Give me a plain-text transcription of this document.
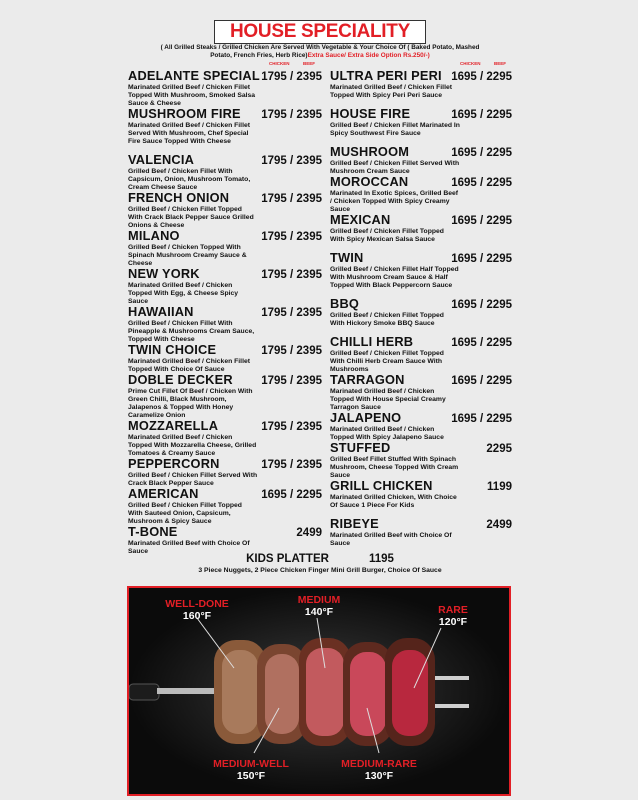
HOUSE SPECIALITY
( All Grilled Steaks / Grilled Chicken Are Served With Vegetable & Your Choice Of ( Baked Potato, Mashed Potato, French Fries, Herb Rice)Extra Sauce/ Extra Side Option Rs.250/-)
CHICKEN	BEEF	CHICKEN	BEEF
ADELANTE SPECIAL 1795 / 2395
Marinated Grilled Beef / Chicken Fillet Topped With Mushroom, Smoked Salsa Sauce & Cheese
MUSHROOM FIRE 1795 / 2395
Marinated Grilled Beef / Chicken Fillet Served With Mushroom, Chef Special Fire Sauce Topped With Cheese
VALENCIA	1795 / 2395
Grilled Beef / Chicken Fillet With Capsicum, Onion, Mushroom Tomato, Cream Cheese Sauce
FRENCH ONION	1795 / 2395
Grilled Beef / Chicken Fillet Topped With Crack Black Pepper Sauce Grilled Onions & Cheese
MILANO	1795 / 2395
Grilled Beef / Chicken Topped With Spinach Mushroom Creamy Sauce & Cheese
NEW YORK	1795 / 2395
Marinated Grilled Beef / Chicken Topped With Egg, & Cheese Spicy Sauce
HAWAIIAN	1795 / 2395
Grilled Beef / Chicken Fillet With Pineapple & Mushrooms Cream Sauce, Topped With Cheese
TWIN CHOICE	1795 / 2395
Marinated Grilled Beef / Chicken Fillet Topped With Choice Of Sauce
DOBLE DECKER 1795 / 2395
Prime Cut Fillet Of Beef / Chicken With Green Chilli, Black Mushroom, Jalapenos & Topped With Honey Caramelize Onion
MOZZARELLA	1795 / 2395
Marinated Grilled Beef / Chicken Topped With Mozzarella Cheese, Grilled Tomatoes & Creamy Sauce
PEPPERCORN	1795 / 2395
Grilled Beef / Chicken Fillet Served With Crack Black Pepper Sauce
AMERICAN	1695 / 2295
Grilled Beef / Chicken Fillet Topped With Sauteed Onion, Capsicum, Mushroom & Spicy Sauce
T-BONE	2499
Marinated Grilled Beef with Choice Of Sauce
ULTRA PERI PERI 1695 / 2295
Marinated Grilled Beef / Chicken Fillet Topped With Spicy Peri Peri Sauce
HOUSE FIRE	1695 / 2295
Grilled Beef / Chicken Fillet Marinated In Spicy Southwest Fire Sauce
MUSHROOM	1695 / 2295
Grilled Beef / Chicken Fillet Served With Mushroom Cream Sauce
MOROCCAN	1695 / 2295
Marinated In Exotic Spices, Grilled Beef / Chicken Topped With Spicy Creamy Sauce
MEXICAN	1695 / 2295
Grilled Beef / Chicken Fillet Topped With Spicy Mexican Salsa Sauce
TWIN	1695 / 2295
Grilled Beef / Chicken Fillet Half Topped With Mushroom Cream Sauce & Half Topped With Black Peppercorn Sauce
BBQ	1695 / 2295
Grilled Beef / Chicken Fillet Topped With Hickory Smoke BBQ Sauce
CHILLI HERB	1695 / 2295
Grilled Beef / Chicken Fillet Topped With Chilli Herb Cream Sauce With Mushrooms
TARRAGON	1695 / 2295
Marinated Grilled Beef / Chicken Topped With House Special Creamy Tarragon Sauce
JALAPENO	1695 / 2295
Marinated Grilled Beef / Chicken Topped With Spicy Jalapeno Sauce
STUFFED	2295
Grilled Beef Fillet Stuffed With Spinach Mushroom, Cheese Topped With Cream Sauce
GRILL CHICKEN	1199
Marinated Grilled Chicken, With Choice Of Sauce 1 Piece For Kids
RIBEYE	2499
Marinated Grilled Beef with Choice Of Sauce
KIDS PLATTER	1195
3 Piece Nuggets, 2 Piece Chicken Finger Mini Grill Burger, Choice Of Sauce
WELL-DONE
160°F
MEDIUM
140°F	RARE
120°F
MEDIUM-WELL
150°F
MEDIUM-RARE
130°F
